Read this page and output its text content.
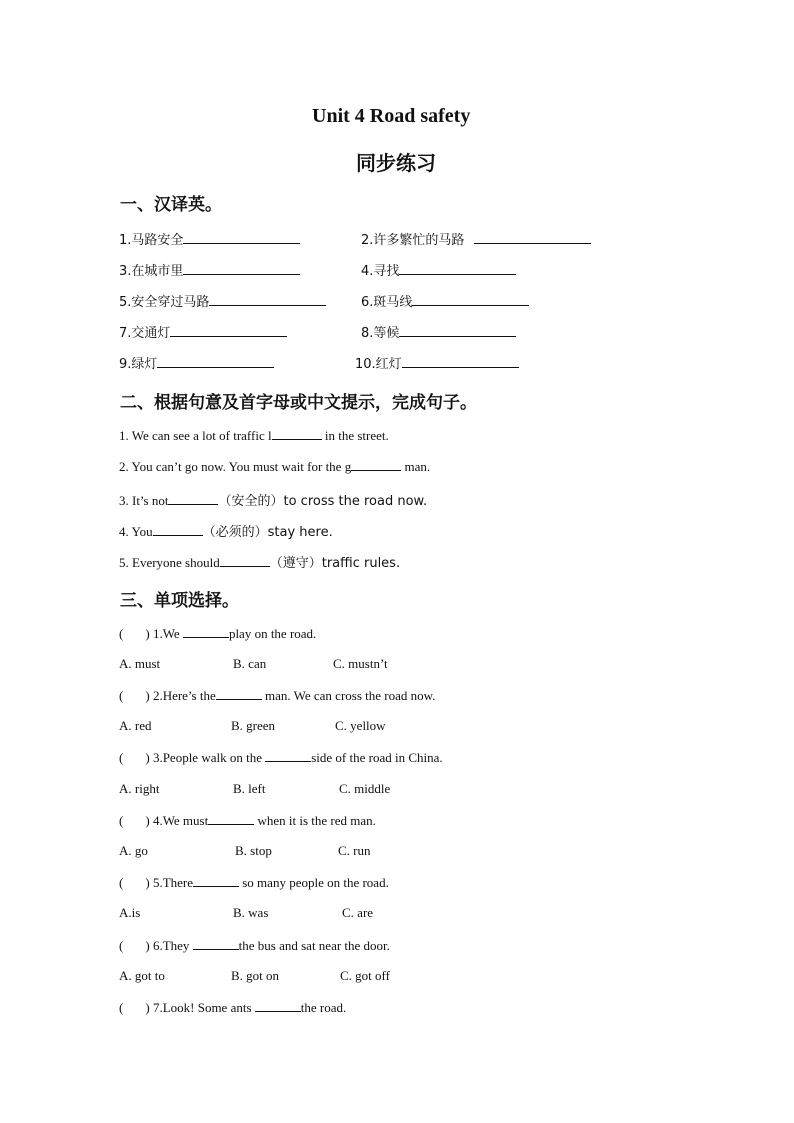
Unit 4 Road safety
同步练习
一、汉译英。
1.马路安全	2.许多繁忙的马路
3.在城市里	4.寻找
5.安全穿过马路	6.斑马线
7.交通灯	8.等候
9.绿灯	10.红灯
二、根据句意及首字母或中文提示，完成句子。
1. We can see a lot of traffic l	in the street.
2. You can’t go now. You must wait for the g	man.
3. It’s not	（安全的）to cross the road now.
4. You	（必须的）stay here.
5. Everyone should	（遵守）traffic rules.
三、单项选择。
( ) 1.We	play on the road.
A. must	B. can	C. mustn’t
( ) 2.Here’s the	man. We can cross the road now.
A. red	B. green	C. yellow
( ) 3.People walk on the	side of the road in China.
A. right	B. left	C. middle
( ) 4.We must	when it is the red man.
A. go	B. stop	C. run
( ) 5.There	so many people on the road.
A.is	B. was	C. are
( ) 6.They	the bus and sat near the door.
A. got to	B. got on	C. got off
( ) 7.Look! Some ants	the road.
